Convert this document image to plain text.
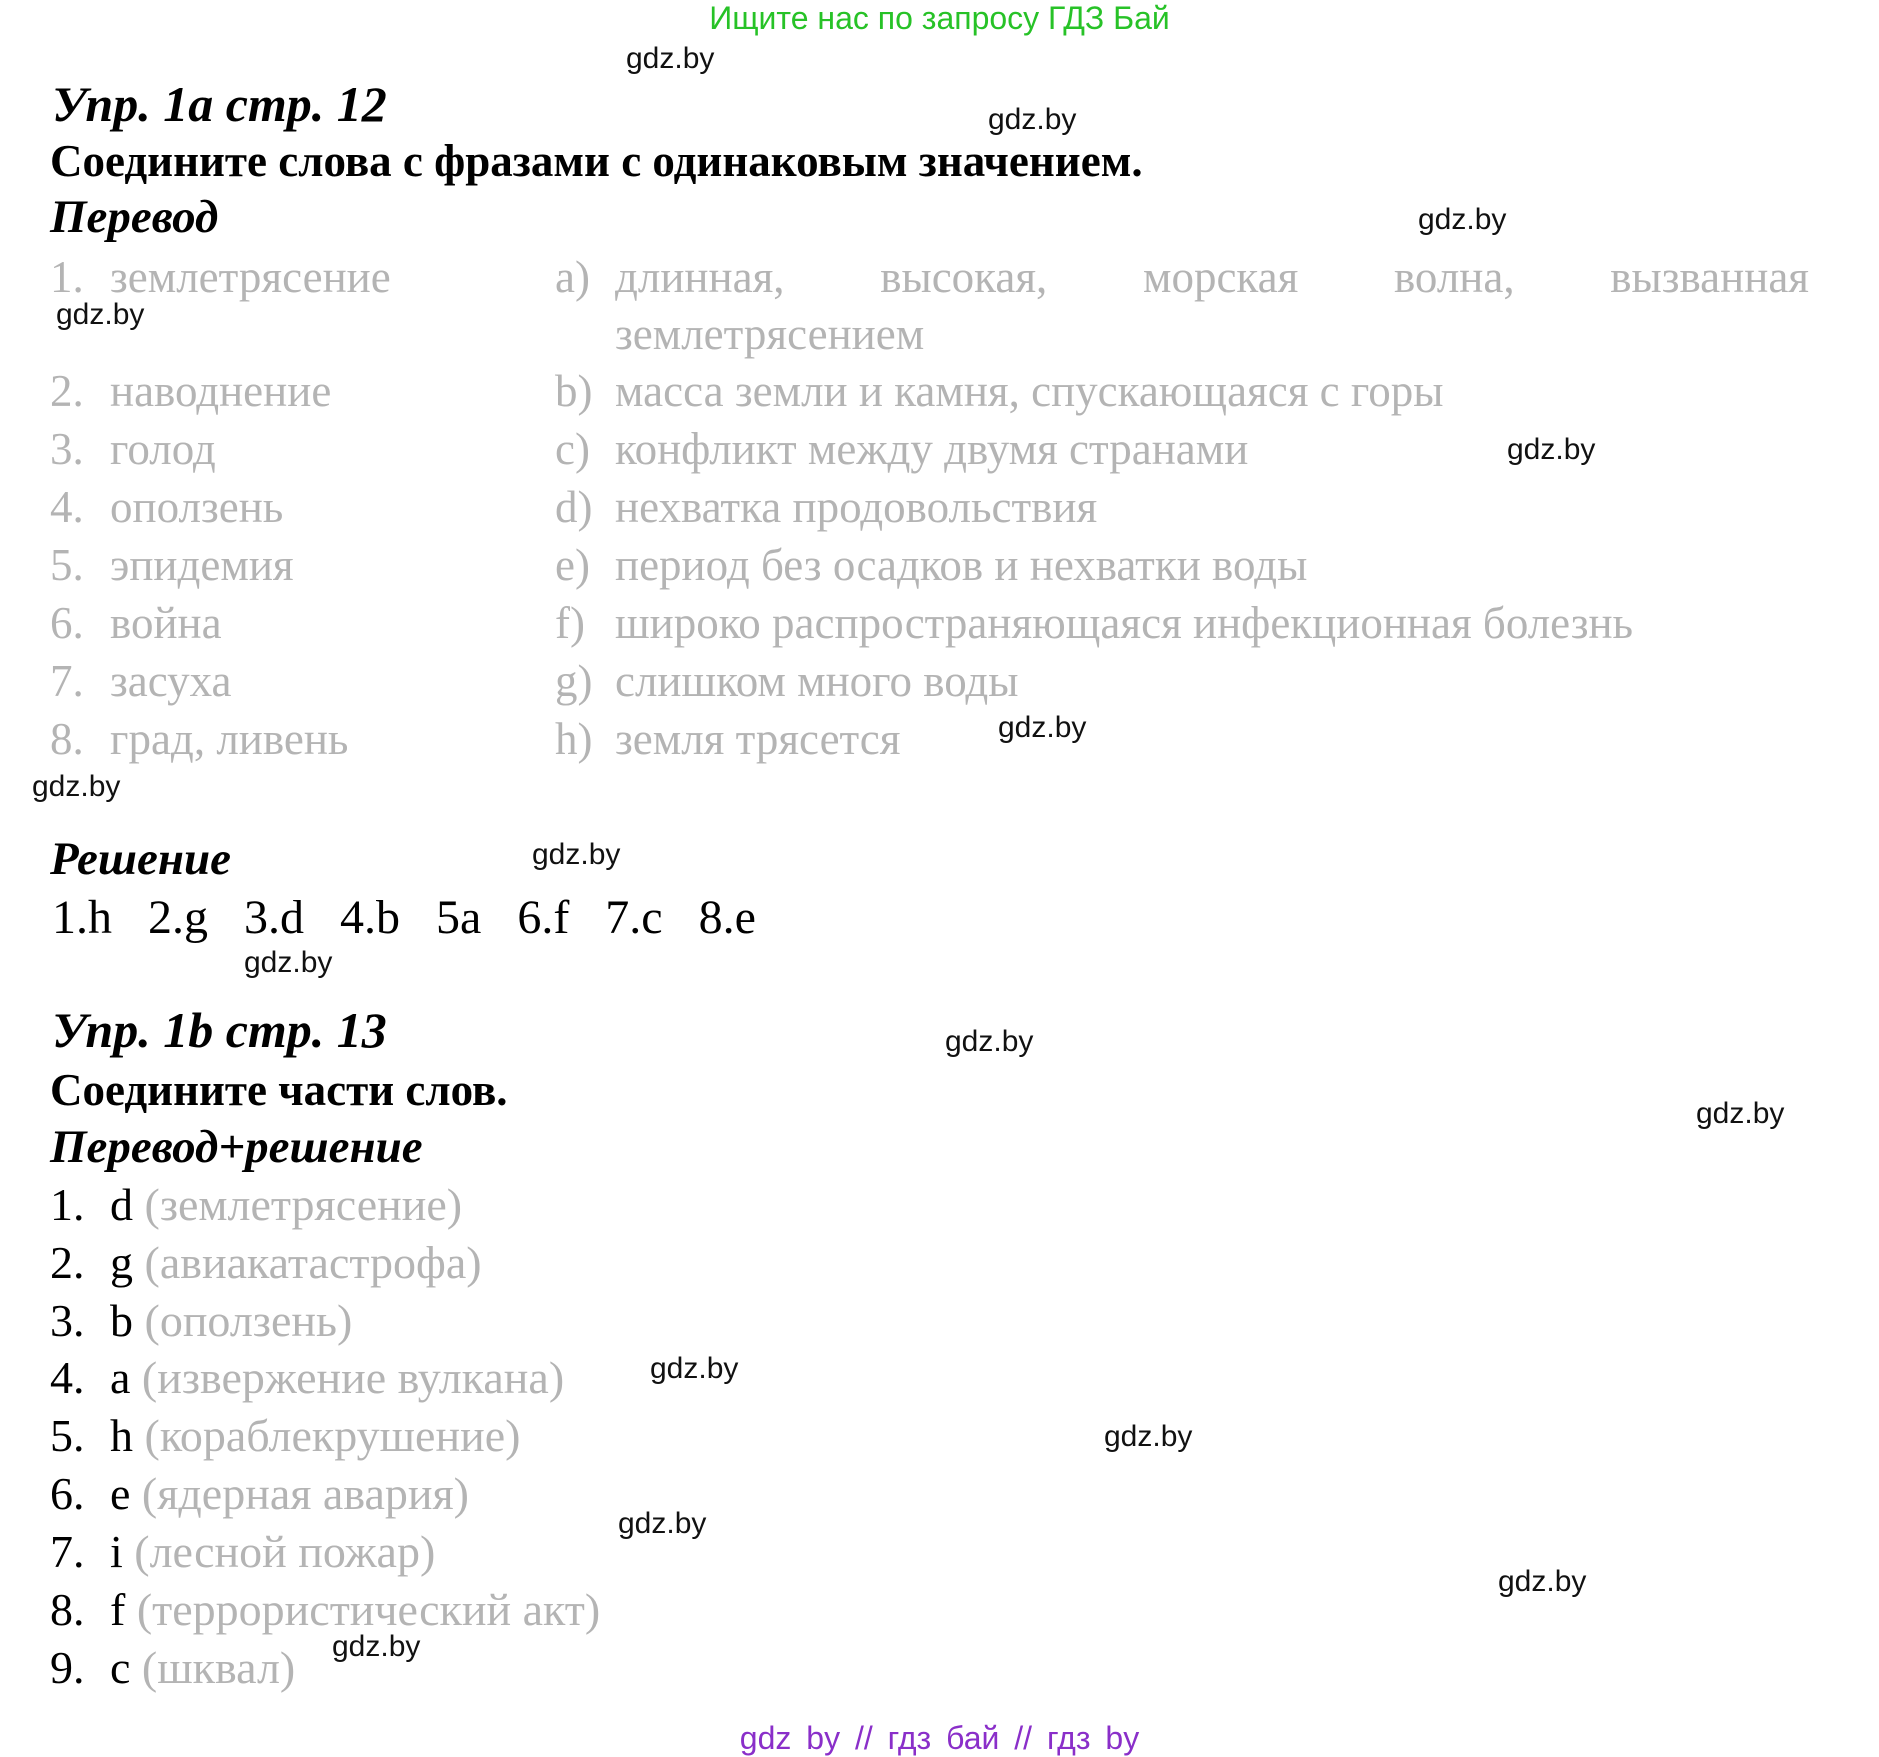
Ищите нас по запросу ГДЗ Бай
gdz.by
gdz.by
gdz.by
gdz.by
gdz.by
gdz.by
gdz.by
gdz.by
gdz.by
gdz.by
gdz.by
gdz.by
gdz.by
gdz.by
gdz.by
gdz.by
Упр. 1a стр. 12
Соедините слова с фразами с одинаковым значением.
Перевод
1. землетрясение	a) длинная, высокая, морская волна, вызванная
землетрясением
2. наводнение	b) масса земли и камня, спускающаяся с горы
3. голод	c) конфликт между двумя странами
4. оползень	d) нехватка продовольствия
5. эпидемия	e) период без осадков и нехватки воды
6. война	f) широко распространяющаяся инфекционная болезнь
7. засуха	g) слишком много воды
8. град, ливень	h) земля трясется
Решение
1.h 2.g 3.d 4.b 5a 6.f 7.c 8.e
Упр. 1b стр. 13
Соедините части слов.
Перевод+решение
1. d (землетрясение)
2. g (авиакатастрофа)
3. b (оползень)
4. a (извержение вулкана)
5. h (кораблекрушение)
6. e (ядерная авария)
7. i (лесной пожар)
8. f (террористический акт)
9. c (шквал)
gdz by // гдз бай // гдз by
